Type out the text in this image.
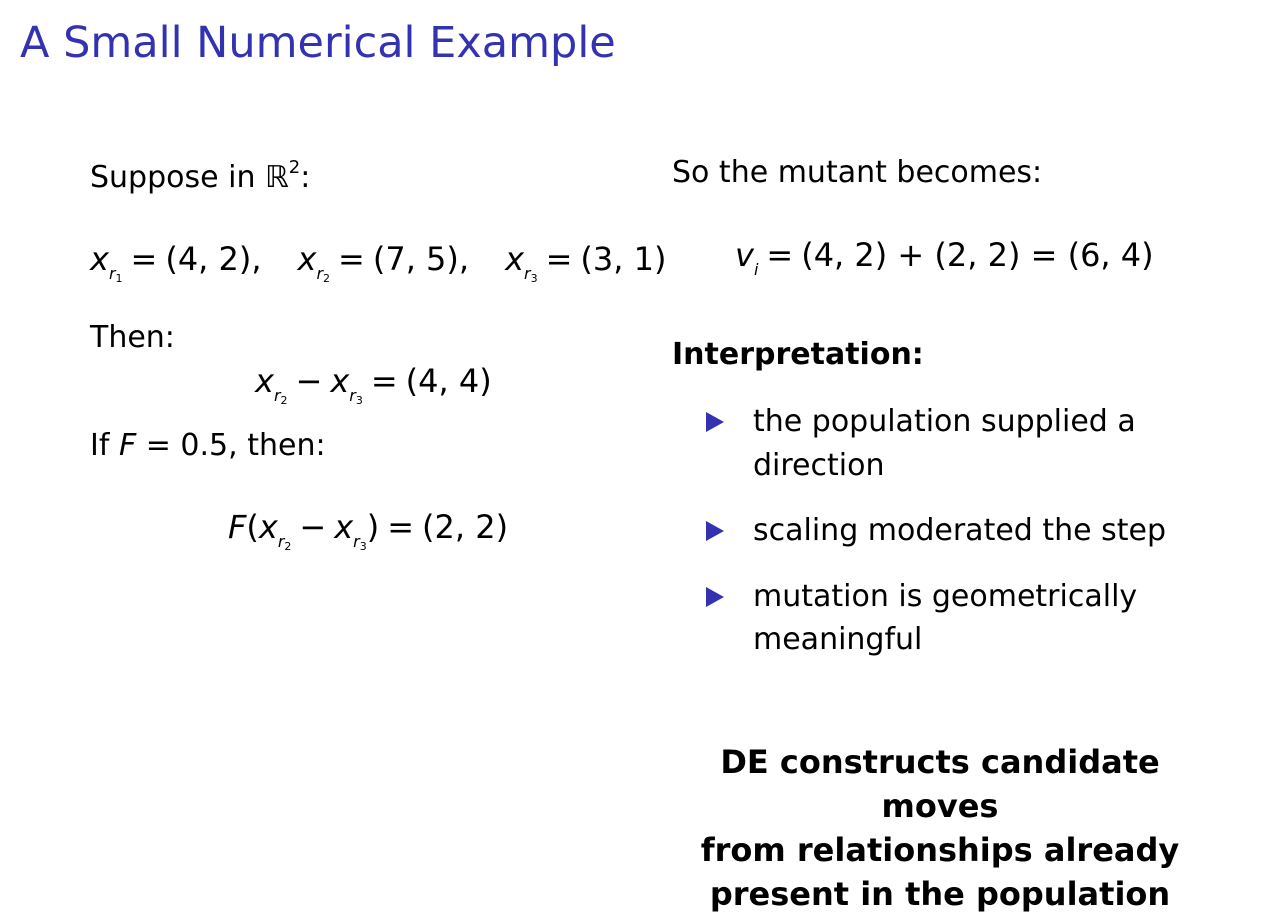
A Small Numerical Example
Suppose in ℝ$^2$:
$x_{r1}= (4$, 2), $x_{r2}= (7$, 5), $x_{r3}= (3$, 1)
Then:
$x_{r2}- x_{r3}= (4$, 4)
If F = 0.5, then:
$F(x_{r2}- x_{r3}) = (2$, 2)
So the mutant becomes:
$v_i = (4$, 2) + (2, 2) = (6, 4)
Interpretation:
the population supplied a direction
scaling moderated the step
mutation is geometrically meaningful
DE constructs candidate moves
from relationships already
present in the population
